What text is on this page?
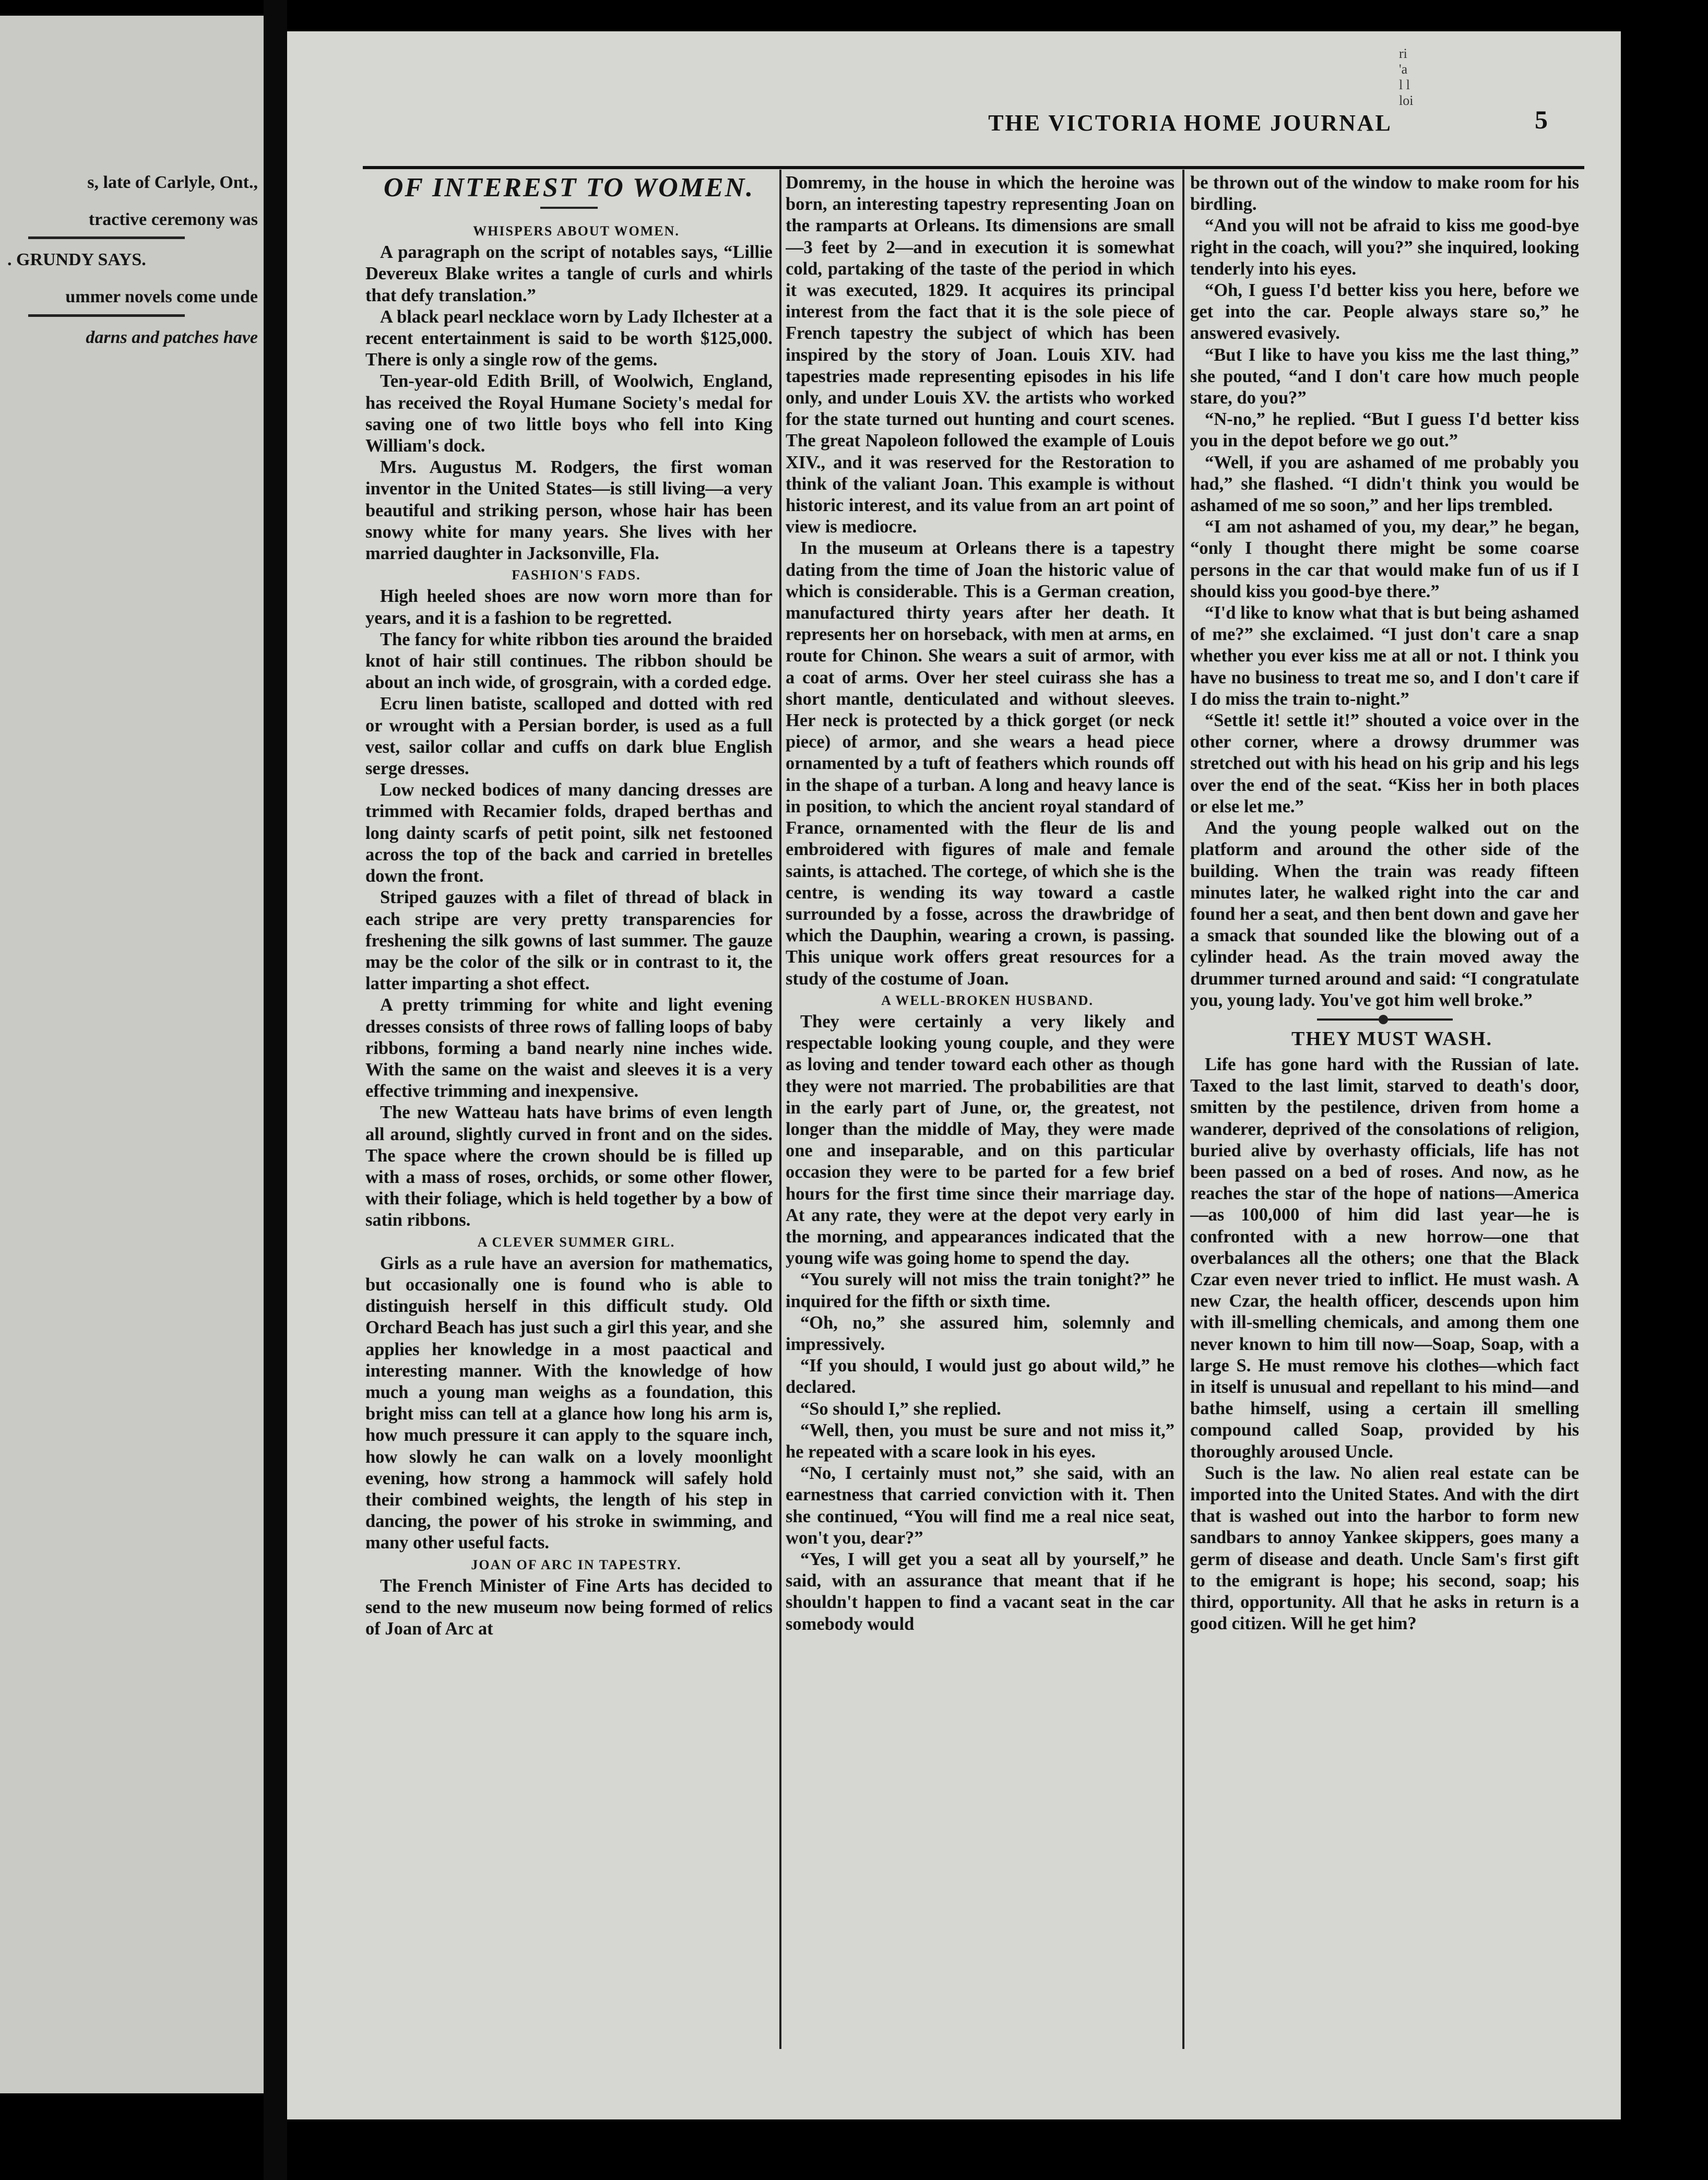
s, late of Carlyle, Ont.,
tractive ceremony was
. GRUNDY SAYS.
ummer novels come unde
darns and patches have
ri
'a
l l
loi
THE VICTORIA HOME JOURNAL	5
OF INTEREST TO WOMEN.

WHISPERS ABOUT WOMEN.

A paragraph on the script of notables says, “Lillie Devereux Blake writes a tangle of curls and whirls that defy translation.”

A black pearl necklace worn by Lady Ilchester at a recent entertainment is said to be worth $125,000. There is only a single row of the gems.

Ten-year-old Edith Brill, of Woolwich, England, has received the Royal Humane Society's medal for saving one of two little boys who fell into King William's dock.

Mrs. Augustus M. Rodgers, the first woman inventor in the United States—is still living—a very beautiful and striking person, whose hair has been snowy white for many years. She lives with her married daughter in Jacksonville, Fla.

FASHION'S FADS.

High heeled shoes are now worn more than for years, and it is a fashion to be regretted.

The fancy for white ribbon ties around the braided knot of hair still continues. The ribbon should be about an inch wide, of grosgrain, with a corded edge.

Ecru linen batiste, scalloped and dotted with red or wrought with a Persian border, is used as a full vest, sailor collar and cuffs on dark blue English serge dresses.

Low necked bodices of many dancing dresses are trimmed with Recamier folds, draped berthas and long dainty scarfs of petit point, silk net festooned across the top of the back and carried in bretelles down the front.

Striped gauzes with a filet of thread of black in each stripe are very pretty transparencies for freshening the silk gowns of last summer. The gauze may be the color of the silk or in contrast to it, the latter imparting a shot effect.

A pretty trimming for white and light evening dresses consists of three rows of falling loops of baby ribbons, forming a band nearly nine inches wide. With the same on the waist and sleeves it is a very effective trimming and inexpensive.

The new Watteau hats have brims of even length all around, slightly curved in front and on the sides. The space where the crown should be is filled up with a mass of roses, orchids, or some other flower, with their foliage, which is held together by a bow of satin ribbons.

A CLEVER SUMMER GIRL.

Girls as a rule have an aversion for mathematics, but occasionally one is found who is able to distinguish herself in this difficult study. Old Orchard Beach has just such a girl this year, and she applies her knowledge in a most paactical and interesting manner. With the knowledge of how much a young man weighs as a foundation, this bright miss can tell at a glance how long his arm is, how much pressure it can apply to the square inch, how slowly he can walk on a lovely moonlight evening, how strong a hammock will safely hold their combined weights, the length of his step in dancing, the power of his stroke in swimming, and many other useful facts.

JOAN OF ARC IN TAPESTRY.

The French Minister of Fine Arts has decided to send to the new museum now being formed of relics of Joan of Arc at

Domremy, in the house in which the heroine was born, an interesting tapestry representing Joan on the ramparts at Orleans. Its dimensions are small—3 feet by 2—and in execution it is somewhat cold, partaking of the taste of the period in which it was executed, 1829. It acquires its principal interest from the fact that it is the sole piece of French tapestry the subject of which has been inspired by the story of Joan. Louis XIV. had tapestries made representing episodes in his life only, and under Louis XV. the artists who worked for the state turned out hunting and court scenes. The great Napoleon followed the example of Louis XIV., and it was reserved for the Restoration to think of the valiant Joan. This example is without historic interest, and its value from an art point of view is mediocre.

In the museum at Orleans there is a tapestry dating from the time of Joan the historic value of which is considerable. This is a German creation, manufactured thirty years after her death. It represents her on horseback, with men at arms, en route for Chinon. She wears a suit of armor, with a coat of arms. Over her steel cuirass she has a short mantle, denticulated and without sleeves. Her neck is protected by a thick gorget (or neck piece) of armor, and she wears a head piece ornamented by a tuft of feathers which rounds off in the shape of a turban. A long and heavy lance is in position, to which the ancient royal standard of France, ornamented with the fleur de lis and embroidered with figures of male and female saints, is attached. The cortege, of which she is the centre, is wending its way toward a castle surrounded by a fosse, across the drawbridge of which the Dauphin, wearing a crown, is passing. This unique work offers great resources for a study of the costume of Joan.

A WELL-BROKEN HUSBAND.

They were certainly a very likely and respectable looking young couple, and they were as loving and tender toward each other as though they were not married. The probabilities are that in the early part of June, or, the greatest, not longer than the middle of May, they were made one and inseparable, and on this particular occasion they were to be parted for a few brief hours for the first time since their marriage day. At any rate, they were at the depot very early in the morning, and appearances indicated that the young wife was going home to spend the day.

“You surely will not miss the train tonight?” he inquired for the fifth or sixth time.

“Oh, no,” she assured him, solemnly and impressively.

“If you should, I would just go about wild,” he declared.

“So should I,” she replied.

“Well, then, you must be sure and not miss it,” he repeated with a scare look in his eyes.

“No, I certainly must not,” she said, with an earnestness that carried conviction with it. Then she continued, “You will find me a real nice seat, won't you, dear?”

“Yes, I will get you a seat all by yourself,” he said, with an assurance that meant that if he shouldn't happen to find a vacant seat in the car somebody would

be thrown out of the window to make room for his birdling.

“And you will not be afraid to kiss me good-bye right in the coach, will you?” she inquired, looking tenderly into his eyes.

“Oh, I guess I'd better kiss you here, before we get into the car. People always stare so,” he answered evasively.

“But I like to have you kiss me the last thing,” she pouted, “and I don't care how much people stare, do you?”

“N-no,” he replied. “But I guess I'd better kiss you in the depot before we go out.”

“Well, if you are ashamed of me probably you had,” she flashed. “I didn't think you would be ashamed of me so soon,” and her lips trembled.

“I am not ashamed of you, my dear,” he began, “only I thought there might be some coarse persons in the car that would make fun of us if I should kiss you good-bye there.”

“I'd like to know what that is but being ashamed of me?” she exclaimed. “I just don't care a snap whether you ever kiss me at all or not. I think you have no business to treat me so, and I don't care if I do miss the train to-night.”

“Settle it! settle it!” shouted a voice over in the other corner, where a drowsy drummer was stretched out with his head on his grip and his legs over the end of the seat. “Kiss her in both places or else let me.”

And the young people walked out on the platform and around the other side of the building. When the train was ready fifteen minutes later, he walked right into the car and found her a seat, and then bent down and gave her a smack that sounded like the blowing out of a cylinder head. As the train moved away the drummer turned around and said: “I congratulate you, young lady. You've got him well broke.”

THEY MUST WASH.

Life has gone hard with the Russian of late. Taxed to the last limit, starved to death's door, smitten by the pestilence, driven from home a wanderer, deprived of the consolations of religion, buried alive by overhasty officials, life has not been passed on a bed of roses. And now, as he reaches the star of the hope of nations—America—as 100,000 of him did last year—he is confronted with a new horrow—one that overbalances all the others; one that the Black Czar even never tried to inflict. He must wash. A new Czar, the health officer, descends upon him with ill-smelling chemicals, and among them one never known to him till now—Soap, Soap, with a large S. He must remove his clothes—which fact in itself is unusual and repellant to his mind—and bathe himself, using a certain ill smelling compound called Soap, provided by his thoroughly aroused Uncle.

Such is the law. No alien real estate can be imported into the United States. And with the dirt that is washed out into the harbor to form new sandbars to annoy Yankee skippers, goes many a germ of disease and death. Uncle Sam's first gift to the emigrant is hope; his second, soap; his third, opportunity. All that he asks in return is a good citizen. Will he get him?
